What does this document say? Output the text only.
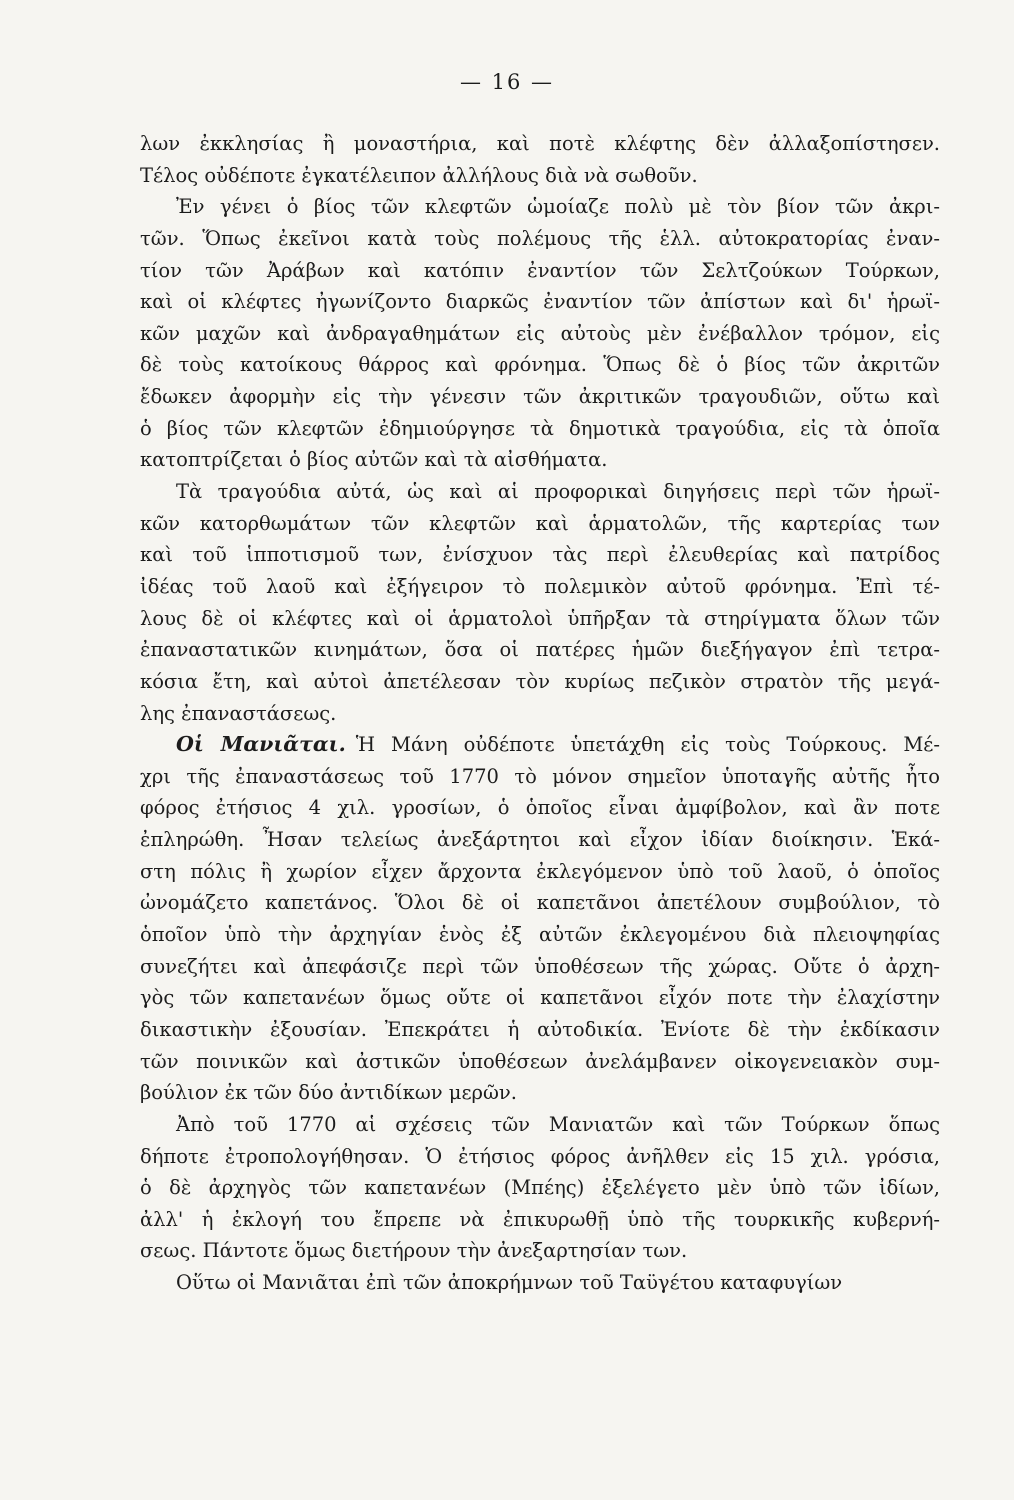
— 16 —
λων ἐκκλησίας ἢ μοναστήρια, καὶ ποτὲ κλέφτης δὲν ἀλλαξοπίστησεν.
Τέλος οὐδέποτε ἐγκατέλειπον ἀλλήλους διὰ νὰ σωθοῦν.
Ἐν γένει ὁ βίος τῶν κλεφτῶν ὡμοίαζε πολὺ μὲ τὸν βίον τῶν ἀκρι-
τῶν. Ὅπως ἐκεῖνοι κατὰ τοὺς πολέμους τῆς ἑλλ. αὐτοκρατορίας ἐναν-
τίον τῶν Ἀράβων καὶ κατόπιν ἐναντίον τῶν Σελτζούκων Τούρκων,
καὶ οἱ κλέφτες ἠγωνίζοντο διαρκῶς ἐναντίον τῶν ἀπίστων καὶ δι' ἡρωϊ-
κῶν μαχῶν καὶ ἀνδραγαθημάτων εἰς αὐτοὺς μὲν ἐνέβαλλον τρόμον, εἰς
δὲ τοὺς κατοίκους θάρρος καὶ φρόνημα. Ὅπως δὲ ὁ βίος τῶν ἀκριτῶν
ἔδωκεν ἀφορμὴν εἰς τὴν γένεσιν τῶν ἀκριτικῶν τραγουδιῶν, οὕτω καὶ
ὁ βίος τῶν κλεφτῶν ἐδημιούργησε τὰ δημοτικὰ τραγούδια, εἰς τὰ ὁποῖα
κατοπτρίζεται ὁ βίος αὐτῶν καὶ τὰ αἰσθήματα.
Τὰ τραγούδια αὐτά, ὡς καὶ αἱ προφορικαὶ διηγήσεις περὶ τῶν ἡρωϊ-
κῶν κατορθωμάτων τῶν κλεφτῶν καὶ ἁρματολῶν, τῆς καρτερίας των
καὶ τοῦ ἱπποτισμοῦ των, ἐνίσχυον τὰς περὶ ἐλευθερίας καὶ πατρίδος
ἰδέας τοῦ λαοῦ καὶ ἐξήγειρον τὸ πολεμικὸν αὐτοῦ φρόνημα. Ἐπὶ τέ-
λους δὲ οἱ κλέφτες καὶ οἱ ἁρματολοὶ ὑπῆρξαν τὰ στηρίγματα ὅλων τῶν
ἐπαναστατικῶν κινημάτων, ὅσα οἱ πατέρες ἡμῶν διεξήγαγον ἐπὶ τετρα-
κόσια ἔτη, καὶ αὐτοὶ ἀπετέλεσαν τὸν κυρίως πεζικὸν στρατὸν τῆς μεγά-
λης ἐπαναστάσεως.
Οἱ Μανιᾶται. Ἡ Μάνη οὐδέποτε ὑπετάχθη εἰς τοὺς Τούρκους. Μέ-
χρι τῆς ἐπαναστάσεως τοῦ 1770 τὸ μόνον σημεῖον ὑποταγῆς αὐτῆς ἦτο
φόρος ἐτήσιος 4 χιλ. γροσίων, ὁ ὁποῖος εἶναι ἀμφίβολον, καὶ ἂν ποτε
ἐπληρώθη. Ἦσαν τελείως ἀνεξάρτητοι καὶ εἶχον ἰδίαν διοίκησιν. Ἑκά-
στη πόλις ἢ χωρίον εἶχεν ἄρχοντα ἐκλεγόμενον ὑπὸ τοῦ λαοῦ, ὁ ὁποῖος
ὠνομάζετο καπετάνος. Ὅλοι δὲ οἱ καπετᾶνοι ἀπετέλουν συμβούλιον, τὸ
ὁποῖον ὑπὸ τὴν ἀρχηγίαν ἑνὸς ἐξ αὐτῶν ἐκλεγομένου διὰ πλειοψηφίας
συνεζήτει καὶ ἀπεφάσιζε περὶ τῶν ὑποθέσεων τῆς χώρας. Οὔτε ὁ ἀρχη-
γὸς τῶν καπετανέων ὅμως οὔτε οἱ καπετᾶνοι εἶχόν ποτε τὴν ἐλαχίστην
δικαστικὴν ἐξουσίαν. Ἐπεκράτει ἡ αὐτοδικία. Ἐνίοτε δὲ τὴν ἐκδίκασιν
τῶν ποινικῶν καὶ ἀστικῶν ὑποθέσεων ἀνελάμβανεν οἰκογενειακὸν συμ-
βούλιον ἐκ τῶν δύο ἀντιδίκων μερῶν.
Ἀπὸ τοῦ 1770 αἱ σχέσεις τῶν Μανιατῶν καὶ τῶν Τούρκων ὅπως
δήποτε ἐτροπολογήθησαν. Ὁ ἐτήσιος φόρος ἀνῆλθεν εἰς 15 χιλ. γρόσια,
ὁ δὲ ἀρχηγὸς τῶν καπετανέων (Μπέης) ἐξελέγετο μὲν ὑπὸ τῶν ἰδίων,
ἀλλ' ἡ ἐκλογή του ἔπρεπε νὰ ἐπικυρωθῇ ὑπὸ τῆς τουρκικῆς κυβερνή-
σεως. Πάντοτε ὅμως διετήρουν τὴν ἀνεξαρτησίαν των.
Οὕτω οἱ Μανιᾶται ἐπὶ τῶν ἀποκρήμνων τοῦ Ταϋγέτου καταφυγίων
